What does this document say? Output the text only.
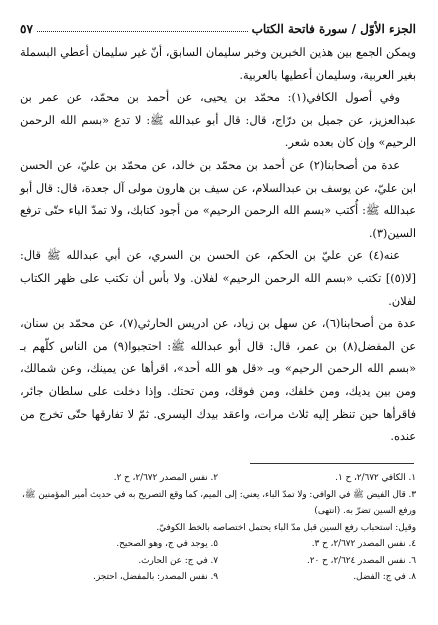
الجزء الأوّل / سورة فاتحة الكتاب
٥٧

ويمكن الجمع بين هذين الخبرين وخبر سليمان السابق، أنّ غير سليمان أعطي البسملة بغير العربية، وسليمان أعطيها بالعربية.

وفي أصول الكافي(١): محمّد بن يحيى، عن أحمد بن محمّد، عن عمر بن عبدالعزيز، عن جميل بن درّاج، قال: قال أبو عبدالله ﷺ: لا تدع «بسم الله الرحمن الرحيم» وإن كان بعده شعر.

عدة من أصحابنا(٢) عن أحمد بن محمّد بن خالد، عن محمّد بن عليّ، عن الحسن ابن عليّ، عن يوسف بن عبدالسلام، عن سيف بن هارون مولى آل جعدة، قال: قال أبو عبدالله ﷺ: أُكتب «بسم الله الرحمن الرحيم» من أجود كتابك، ولا تمدّ الباء حتّى ترفع السين(٣).

عنه(٤) عن عليّ بن الحكم، عن الحسن بن السري، عن أبي عبدالله ﷺ قال: [لا(٥)] تكتب «بسم الله الرحمن الرحيم» لفلان. ولا بأس أن تكتب على ظهر الكتاب لفلان.

عدة من أصحابنا(٦)، عن سهل بن زياد، عن ادريس الحارثي(٧)، عن محمّد بن سنان، عن المفضل(٨) بن عمر، قال: قال أبو عبدالله ﷺ: احتجبوا(٩) من الناس كلّهم بـ «بسم الله الرحمن الرحيم» وبـ «قل هو الله أحد»، اقرأها عن يمينك، وعن شمالك، ومن بين يديك، ومن خلفك، ومن فوقك، ومن تحتك. وإذا دخلت على سلطان جائر، فاقرأها حين تنظر إليه ثلاث مرات، واعقد بيدك اليسرى. ثمّ لا تفارقها حتّى تخرج من عنده.

١. الكافي ٢/٦٧٢، ح ١.
٢. نفس المصدر ٢/٦٧٢، ح ٢.
٣. قال الفيض ﷺ في الوافي: ولا تمدّ الباء، يعني: إلى الميم، كما وقع التصريح به في حديث أمير المؤمنين ﷺ، ورفع السين تضرّ به. (انتهى)
وقيل: استحباب رفع السين قبل مدّ الباء يحتمل اختصاصه بالخط الكوفيّ.
٤. نفس المصدر ٢/٦٧٢، ح ٣.
٥. يوجد في ج، وهو الصحيح.
٦. نفس المصدر ٢/٦٢٤، ح ٢٠.
٧. في ج: عن الحارث.
٨. في ج: الفضل.
٩. نفس المصدر: بالمفضل، احتجز.
